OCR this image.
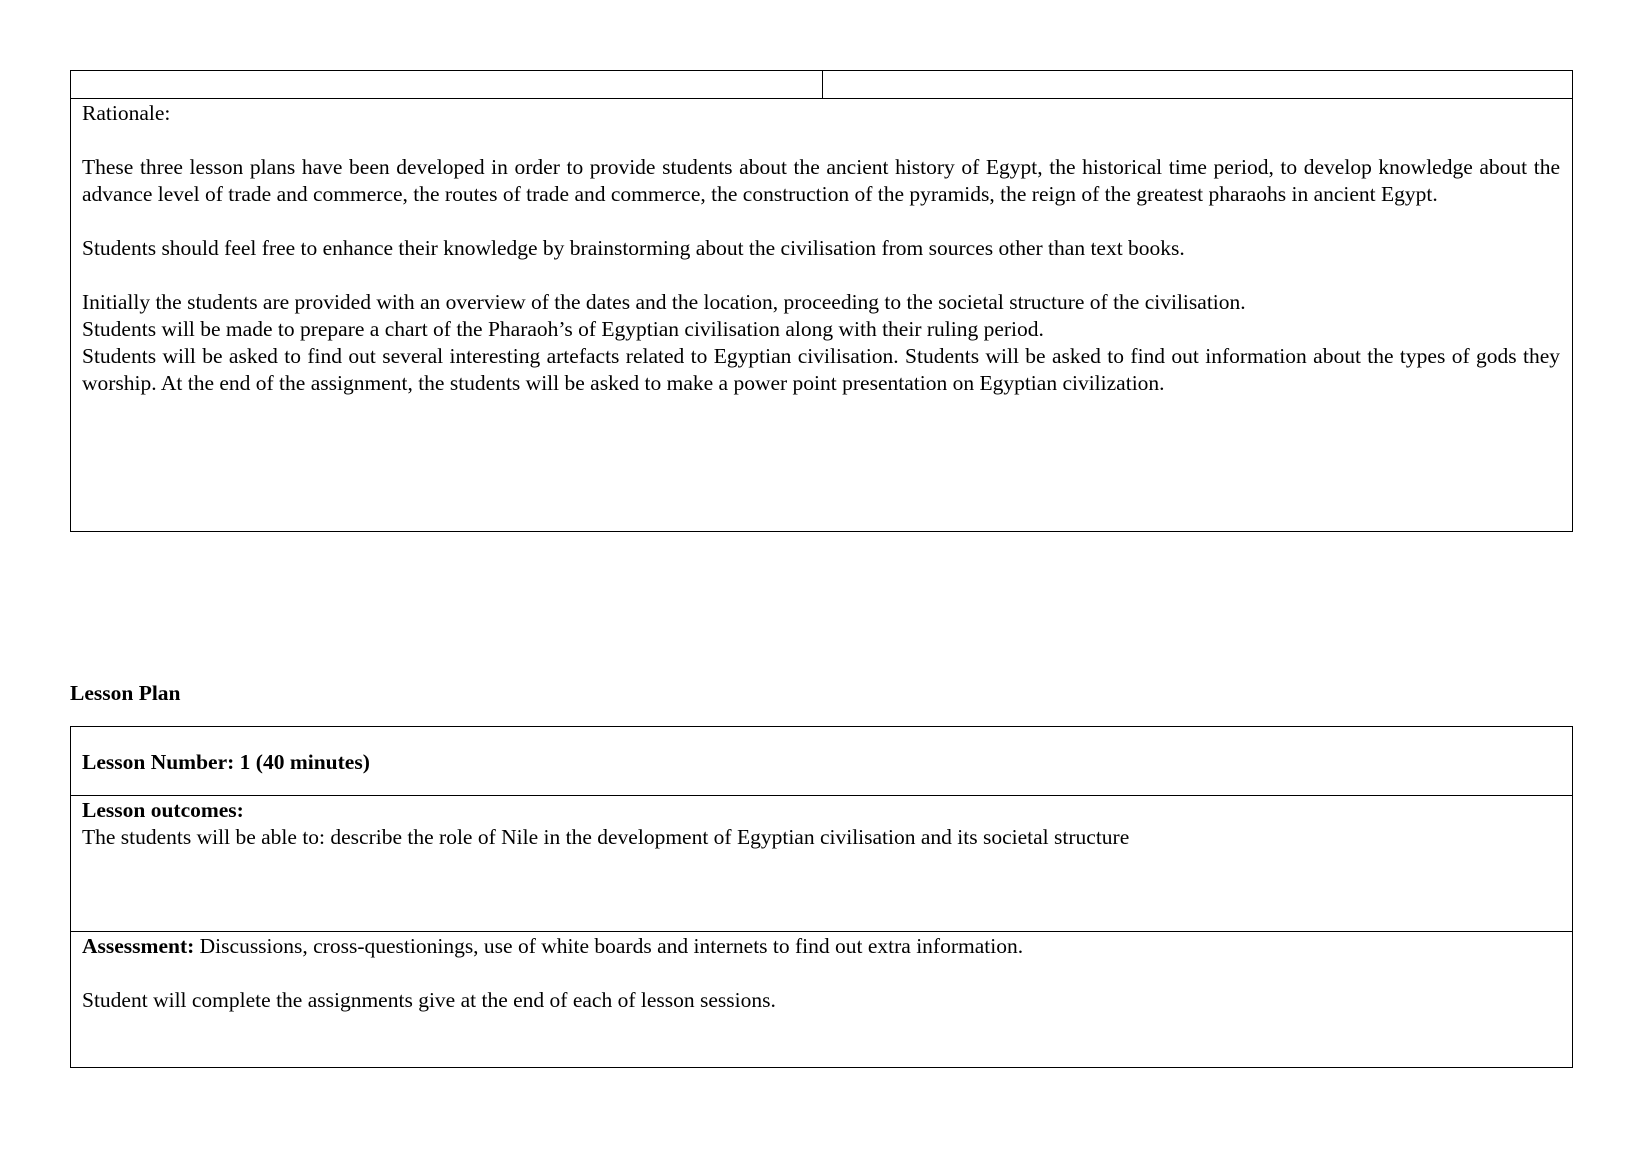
Rationale:

These three lesson plans have been developed in order to provide students about the ancient history of Egypt, the historical time period, to develop knowledge about the advance level of trade and commerce, the routes of trade and commerce, the construction of the pyramids, the reign of the greatest pharaohs in ancient Egypt.

Students should feel free to enhance their knowledge by brainstorming about the civilisation from sources other than text books.

Initially the students are provided with an overview of the dates and the location, proceeding to the societal structure of the civilisation.

Students will be made to prepare a chart of the Pharaoh’s of Egyptian civilisation along with their ruling period.

Students will be asked to find out several interesting artefacts related to Egyptian civilisation. Students will be asked to find out information about the types of gods they worship. At the end of the assignment, the students will be asked to make a power point presentation on Egyptian civilization.

Lesson Plan

Lesson Number: 1 (40 minutes)

Lesson outcomes:

The students will be able to: describe the role of Nile in the development of Egyptian civilisation and its societal structure

Assessment: Discussions, cross-questionings, use of white boards and internets to find out extra information.

Student will complete the assignments give at the end of each of lesson sessions.
